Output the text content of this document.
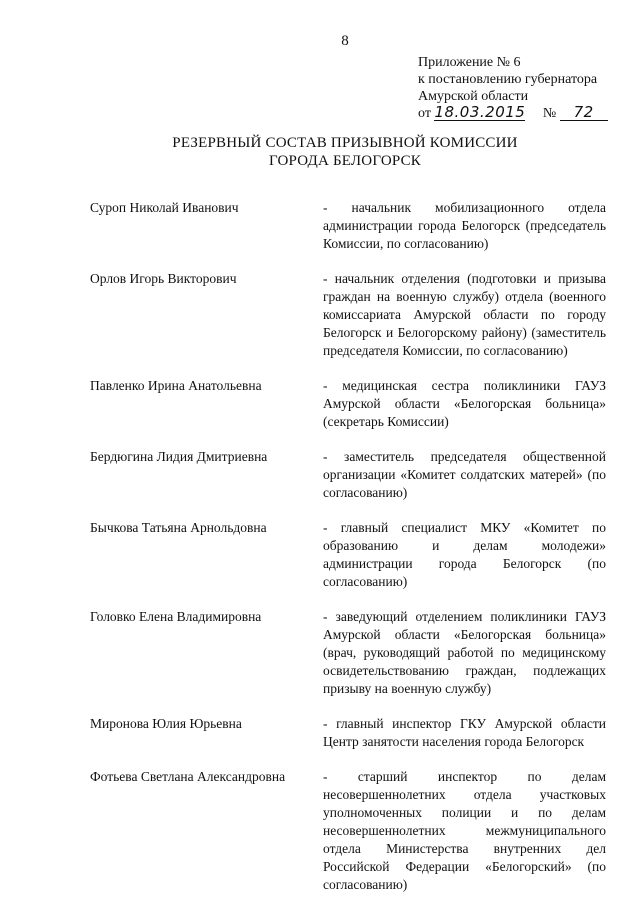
8
Приложение № 6
к постановлению губернатора
Амурской области
от 18.03.2015 № 72
РЕЗЕРВНЫЙ СОСТАВ ПРИЗЫВНОЙ КОМИССИИ
ГОРОДА БЕЛОГОРСК
Суроп Николай Иванович	- начальник мобилизационного отдела администрации города Белогорск (председатель Комиссии, по согласованию)
Орлов Игорь Викторович	- начальник отделения (подготовки и призыва граждан на военную службу) отдела (военного комиссариата Амурской области по городу Белогорск и Белогорскому району) (заместитель председателя Комиссии, по согласованию)
Павленко Ирина Анатольевна	- медицинская сестра поликлиники ГАУЗ Амурской области «Белогорская больница» (секретарь Комиссии)
Бердюгина Лидия Дмитриевна	- заместитель председателя общественной организации «Комитет солдатских матерей» (по согласованию)
Бычкова Татьяна Арнольдовна	- главный специалист МКУ «Комитет по образованию и делам молодежи» администрации города Белогорск (по согласованию)
Головко Елена Владимировна	- заведующий отделением поликлиники ГАУЗ Амурской области «Белогорская больница» (врач, руководящий работой по медицинскому освидетельствованию граждан, подлежащих призыву на военную службу)
Миронова Юлия Юрьевна	- главный инспектор ГКУ Амурской области Центр занятости населения города Белогорск
Фотьева Светлана Александровна	- старший инспектор по делам несовершеннолетних отдела участковых уполномоченных полиции и по делам несовершеннолетних межмуниципального отдела Министерства внутренних дел Российской Федерации «Белогорский» (по согласованию)
